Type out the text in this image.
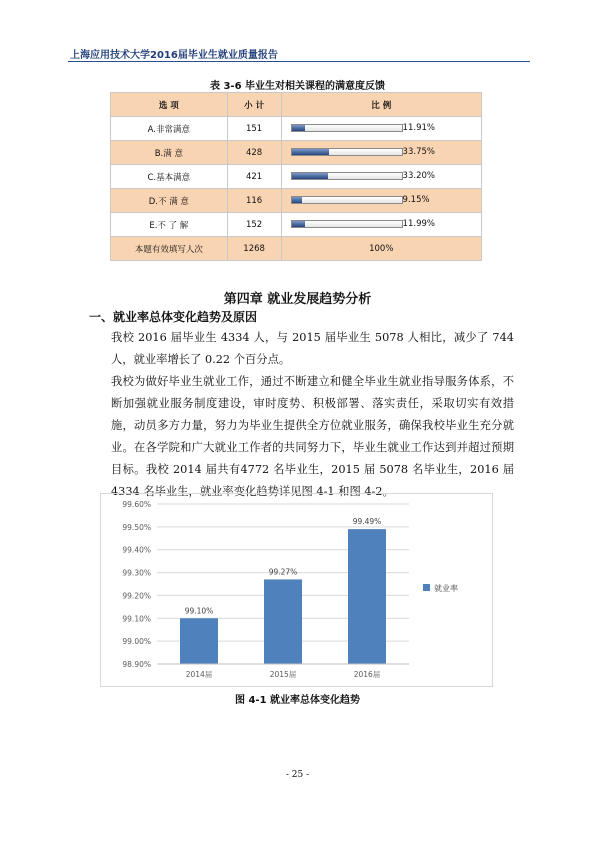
上海应用技术大学2016届毕业生就业质量报告
表 3-6 毕业生对相关课程的满意度反馈
选 项	小 计	比 例
A.非常满意	151	11.91%

B.满 意	428	33.75%

C.基本满意	421	33.20%

D.不 满 意	116	9.15%

E.不 了 解	152	11.99%

本题有效填写人次	1268	100%
第四章 就业发展趋势分析
一、就业率总体变化趋势及原因
我校 2016 届毕业生 4334 人，与 2015 届毕业生 5078 人相比，减少了 744 人，就业率增长了 0.22 个百分点。
我校为做好毕业生就业工作，通过不断建立和健全毕业生就业指导服务体系，不断加强就业服务制度建设，审时度势、积极部署、落实责任，采取切实有效措施，动员多方力量，努力为毕业生提供全方位就业服务，确保我校毕业生充分就业。在各学院和广大就业工作者的共同努力下，毕业生就业工作达到并超过预期目标。我校 2014 届共有4772 名毕业生，2015 届 5078 名毕业生，2016 届 4334 名毕业生，就业率变化趋势详见图 4-1 和图 4-2。
98.90%
99.00%
99.10%
99.20%
99.30%
99.40%
99.50%
99.60%
99.10%
2014届
99.27%
2015届
99.49%
2016届
就业率
图 4-1 就业率总体变化趋势
- 25 -
